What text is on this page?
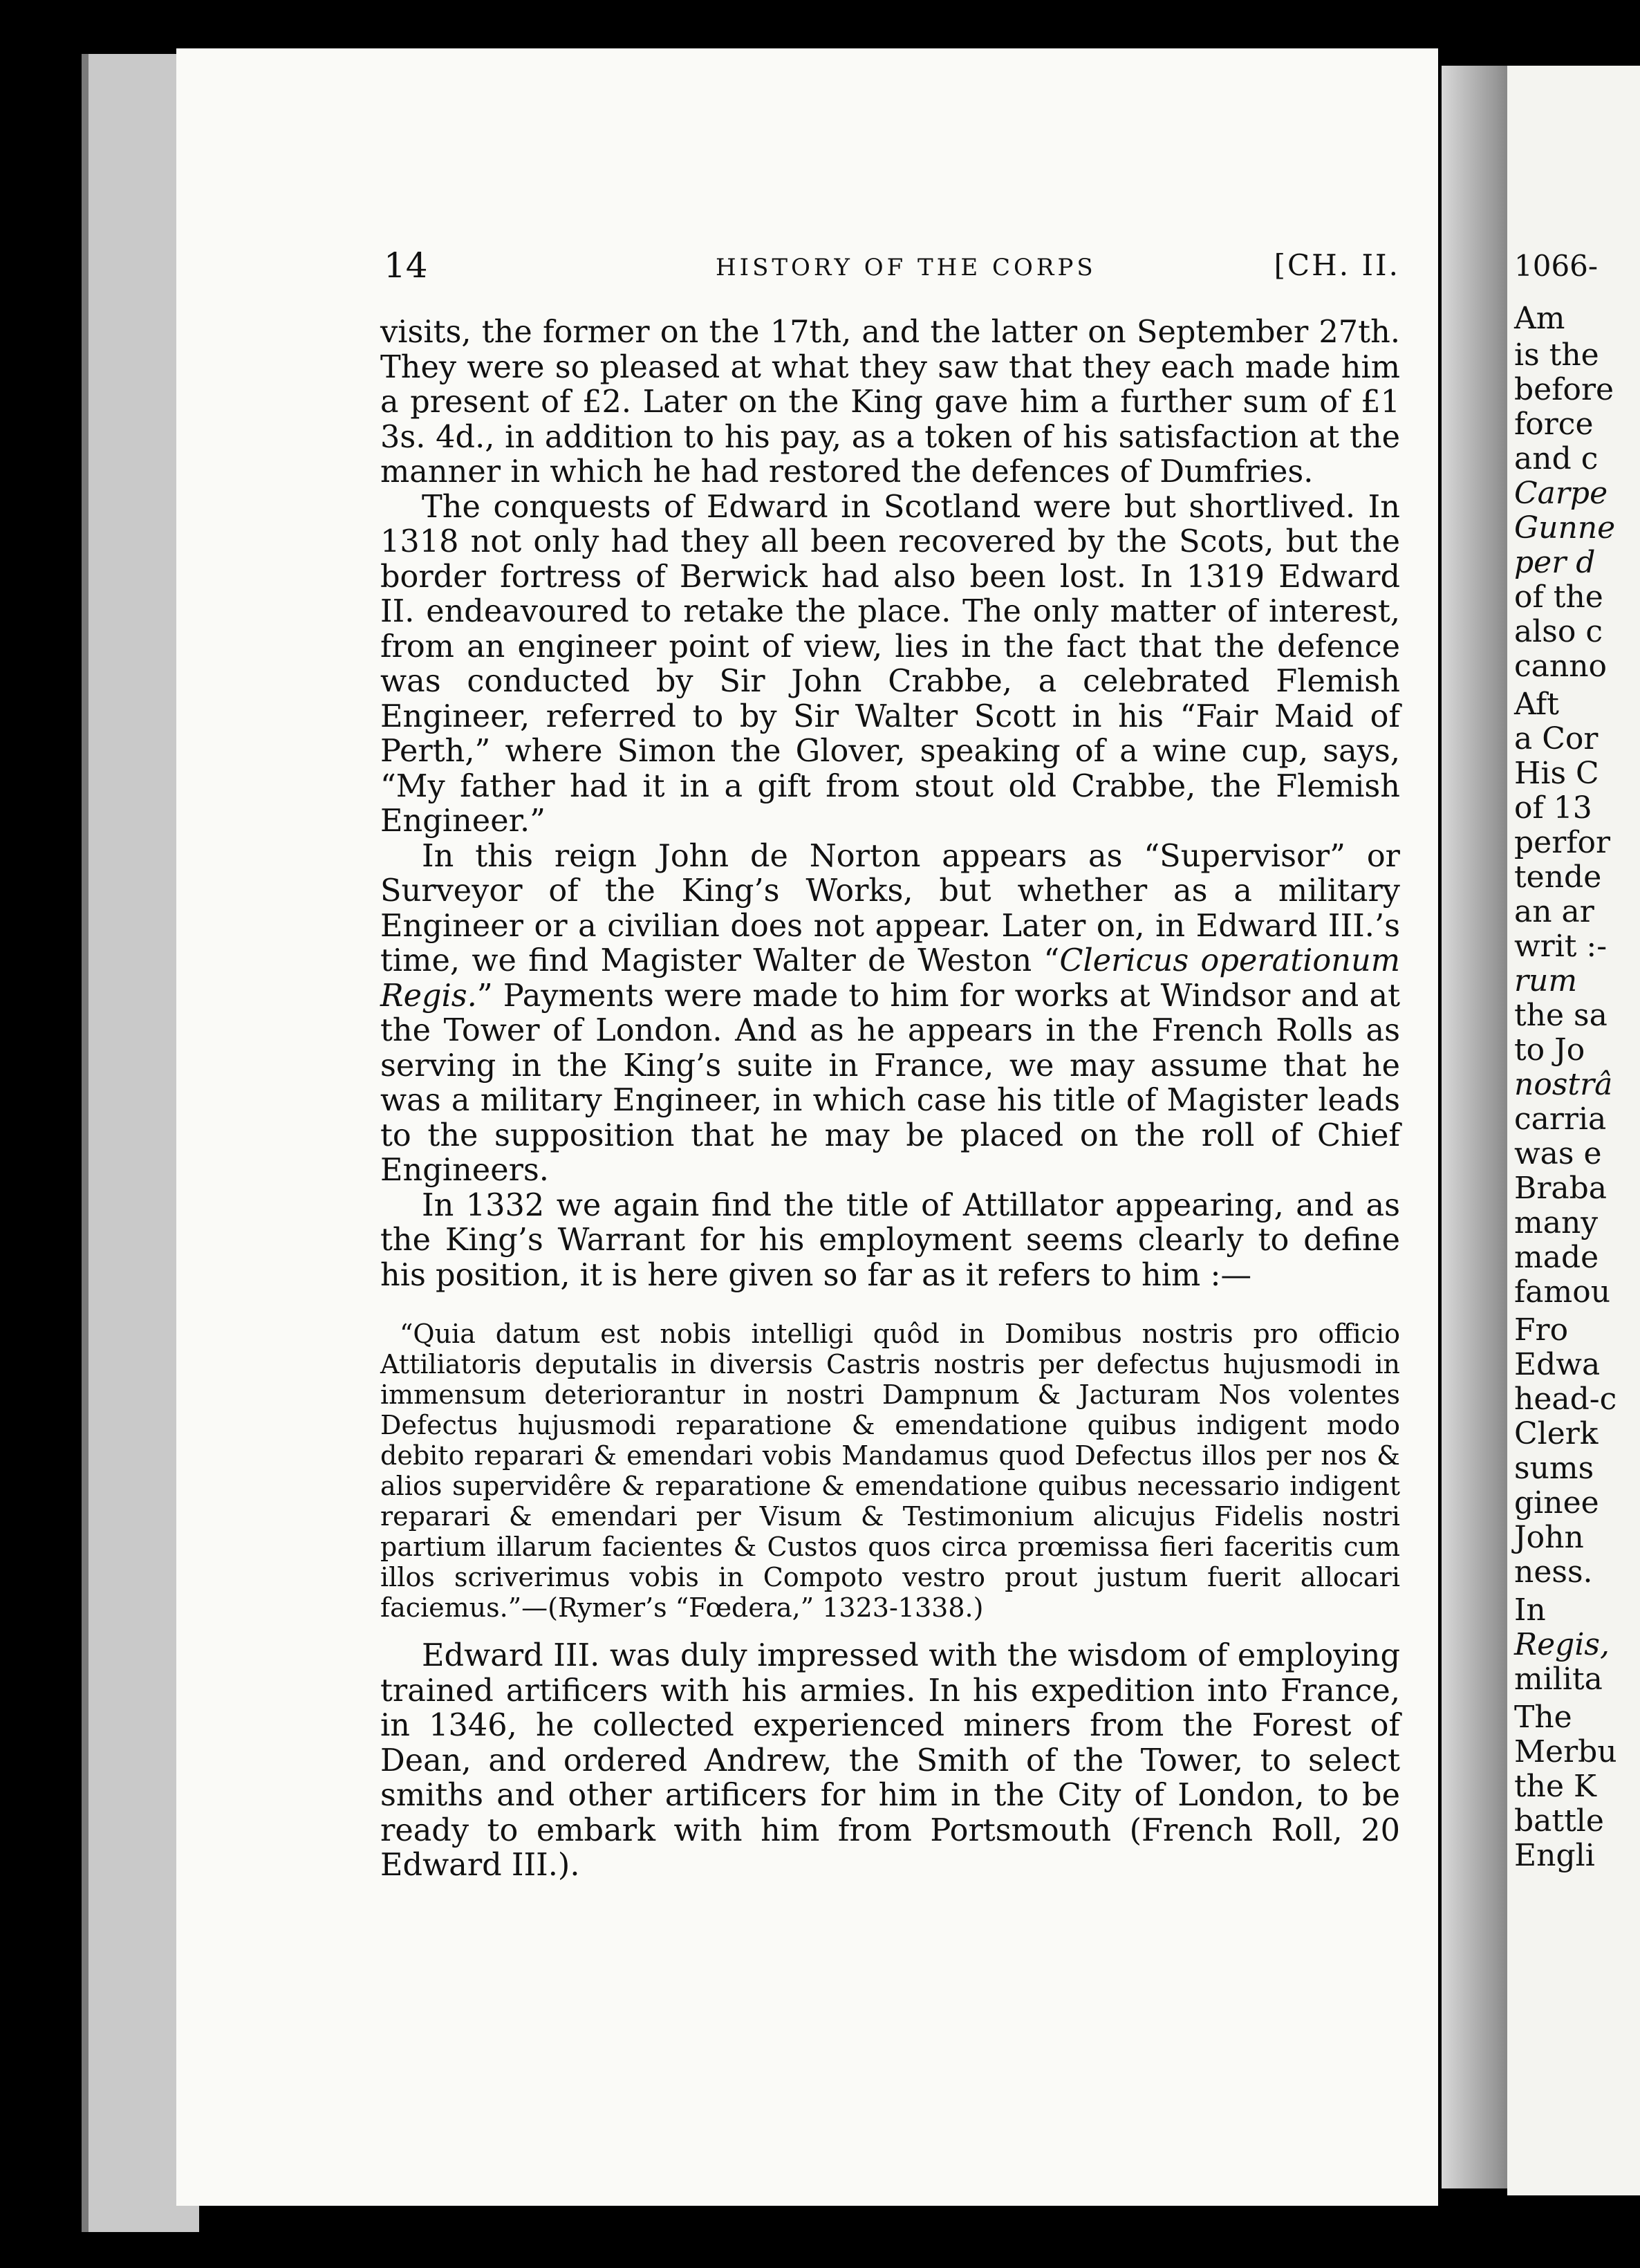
1066-
Am
is the
before
force
and c
Carpe
Gunne
per d
of the
also c
canno
Aft
a Cor
His C
of 13
perfor
tende
an ar
writ :-
rum
the sa
to Jo
nostrâ
carria
was e
Braba
many
made
famou
Fro
Edwa
head-c
Clerk
sums
ginee
John
ness.
In
Regis,
milita
The
Merbu
the K
battle
Engli
14	HISTORY OF THE CORPS	[CH. II.

visits, the former on the 17th, and the latter on September 27th. They were so pleased at what they saw that they each made him a present of £2. Later on the King gave him a further sum of £1 3s. 4d., in addition to his pay, as a token of his satisfaction at the manner in which he had restored the defences of Dumfries.

The conquests of Edward in Scotland were but shortlived. In 1318 not only had they all been recovered by the Scots, but the border fortress of Berwick had also been lost. In 1319 Edward II. endeavoured to retake the place. The only matter of interest, from an engineer point of view, lies in the fact that the defence was conducted by Sir John Crabbe, a celebrated Flemish Engineer, referred to by Sir Walter Scott in his “Fair Maid of Perth,” where Simon the Glover, speaking of a wine cup, says, “My father had it in a gift from stout old Crabbe, the Flemish Engineer.”

In this reign John de Norton appears as “Supervisor” or Surveyor of the King’s Works, but whether as a military Engineer or a civilian does not appear. Later on, in Edward III.’s time, we find Magister Walter de Weston “Clericus operationum Regis.” Payments were made to him for works at Windsor and at the Tower of London. And as he appears in the French Rolls as serving in the King’s suite in France, we may assume that he was a military Engineer, in which case his title of Magister leads to the supposition that he may be placed on the roll of Chief Engineers.

In 1332 we again find the title of Attillator appearing, and as the King’s Warrant for his employment seems clearly to define his position, it is here given so far as it refers to him :—

“Quia datum est nobis intelligi quôd in Domibus nostris pro officio Attiliatoris deputalis in diversis Castris nostris per defectus hujusmodi in immensum deteriorantur in nostri Dampnum & Jacturam Nos volentes Defectus hujusmodi reparatione & emendatione quibus indigent modo debito reparari & emendari vobis Mandamus quod Defectus illos per nos & alios supervidêre & reparatione & emendatione quibus necessario indigent reparari & emendari per Visum & Testimonium alicujus Fidelis nostri partium illarum facientes & Custos quos circa prœmissa fieri faceritis cum illos scriverimus vobis in Compoto vestro prout justum fuerit allocari faciemus.”—(Rymer’s “Fœdera,” 1323-1338.)

Edward III. was duly impressed with the wisdom of employing trained artificers with his armies. In his expedition into France, in 1346, he collected experienced miners from the Forest of Dean, and ordered Andrew, the Smith of the Tower, to select smiths and other artificers for him in the City of London, to be ready to embark with him from Portsmouth (French Roll, 20 Edward III.).
